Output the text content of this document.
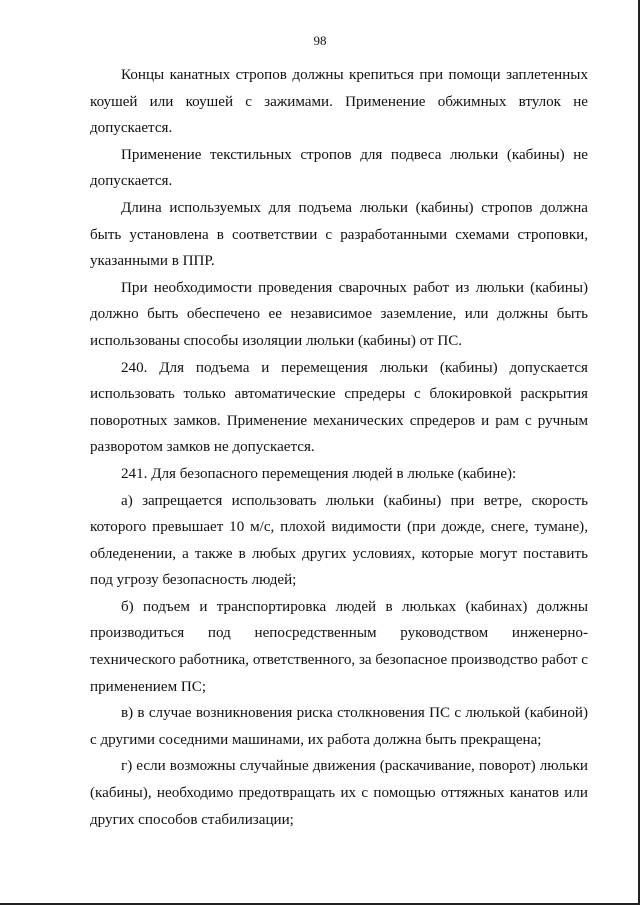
98

Концы канатных стропов должны крепиться при помощи заплетенных коушей или коушей с зажимами. Применение обжимных втулок не допускается.

Применение текстильных стропов для подвеса люльки (кабины) не допускается.

Длина используемых для подъема люльки (кабины) стропов должна быть установлена в соответствии с разработанными схемами строповки, указанными в ППР.

При необходимости проведения сварочных работ из люльки (кабины) должно быть обеспечено ее независимое заземление, или должны быть использованы способы изоляции люльки (кабины) от ПС.

240. Для подъема и перемещения люльки (кабины) допускается использовать только автоматические спредеры с блокировкой раскрытия поворотных замков. Применение механических спредеров и рам с ручным разворотом замков не допускается.

241. Для безопасного перемещения людей в люльке (кабине):

а) запрещается использовать люльки (кабины) при ветре, скорость которого превышает 10 м/с, плохой видимости (при дожде, снеге, тумане), обледенении, а также в любых других условиях, которые могут поставить под угрозу безопасность людей;

б) подъем и транспортировка людей в люльках (кабинах) должны производиться под непосредственным руководством инженерно-технического работника, ответственного, за безопасное производство работ с применением ПС;

в) в случае возникновения риска столкновения ПС с люлькой (кабиной) с другими соседними машинами, их работа должна быть прекращена;

г) если возможны случайные движения (раскачивание, поворот) люльки (кабины), необходимо предотвращать их с помощью оттяжных канатов или других способов стабилизации;
